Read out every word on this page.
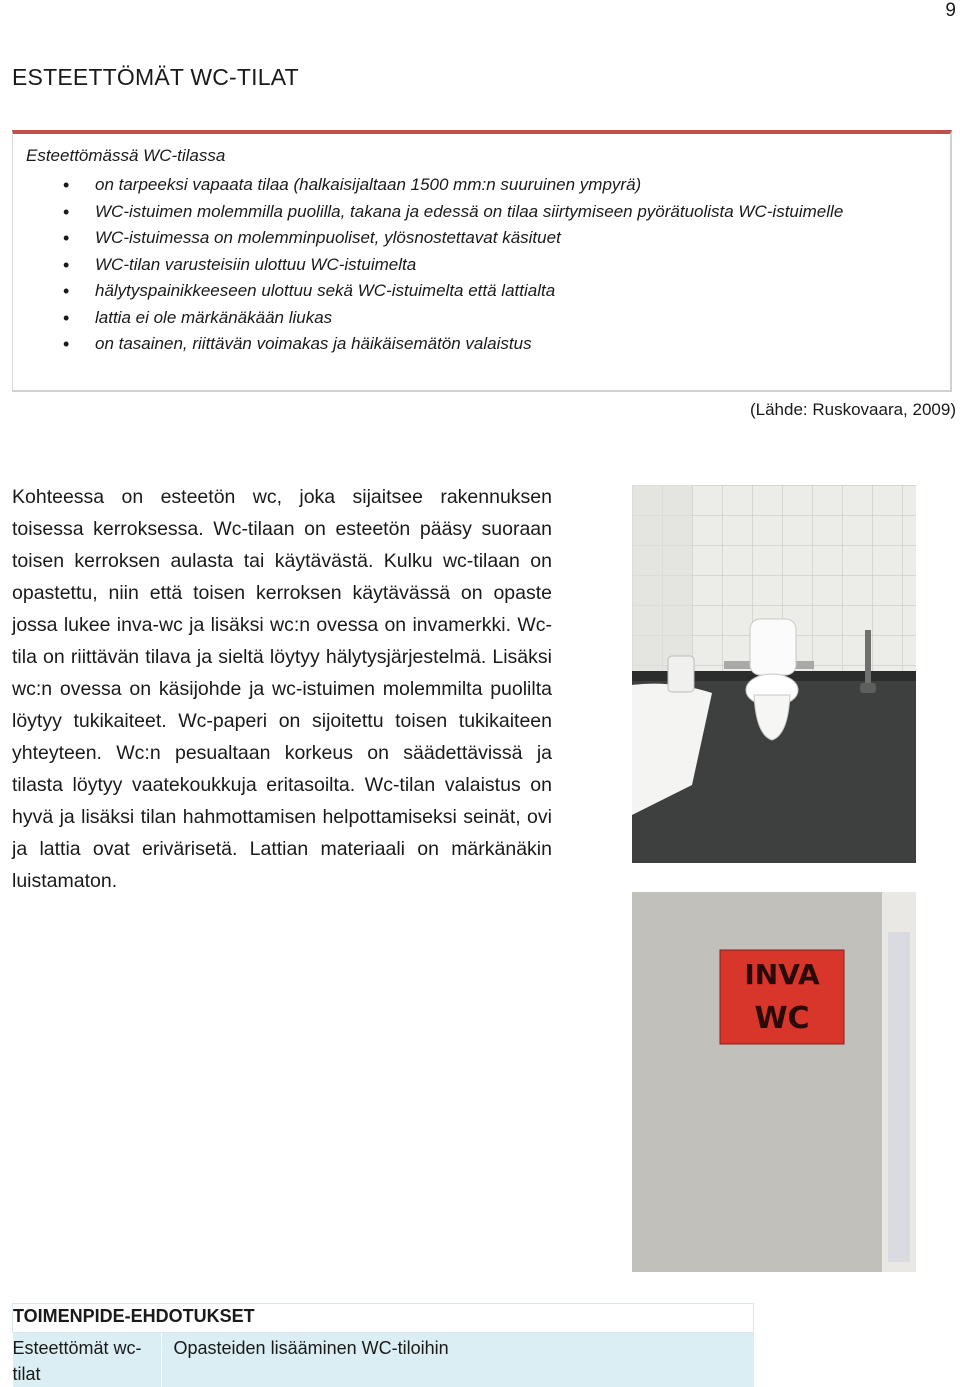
9
ESTEETTÖMÄT WC-TILAT
Esteettömässä WC-tilassa
• on tarpeeksi vapaata tilaa (halkaisijaltaan 1500 mm:n suuruinen ympyrä)
• WC-istuimen molemmilla puolilla, takana ja edessä on tilaa siirtymiseen pyörätuolista WC-istuimelle
• WC-istuimessa on molemminpuoliset, ylösnostettavat käsituet
• WC-tilan varusteisiin ulottuu WC-istuimelta
• hälytyspainikkeeseen ulottuu sekä WC-istuimelta että lattialta
• lattia ei ole märkänäkään liukas
• on tasainen, riittävän voimakas ja häikäisemätön valaistus
(Lähde: Ruskovaara, 2009)
Kohteessa on esteetön wc, joka sijaitsee rakennuksen toisessa kerroksessa. Wc-tilaan on esteetön pääsy suoraan toisen kerroksen aulasta tai käytävästä. Kulku wc-tilaan on opastettu, niin että toisen kerroksen käytävässä on opaste jossa lukee inva-wc ja lisäksi wc:n ovessa on invamerkki. Wc-tila on riittävän tilava ja sieltä löytyy hälytysjärjestelmä. Lisäksi wc:n ovessa on käsijohde ja wc-istuimen molemmilta puolilta löytyy tukikaiteet. Wc-paperi on sijoitettu toisen tukikaiteen yhteyteen. Wc:n pesualtaan korkeus on säädettävissä ja tilasta löytyy vaatekoukkuja eritasoilta. Wc-tilan valaistus on hyvä ja lisäksi tilan hahmottamisen helpottamiseksi seinät, ovi ja lattia ovat erivärisetä. Lattian materiaali on märkänäkin luistamaton.
INVA
WC
TOIMENPIDE-EHDOTUKSET
Esteettömät wc-tilat	Opasteiden lisääminen WC-tiloihin
